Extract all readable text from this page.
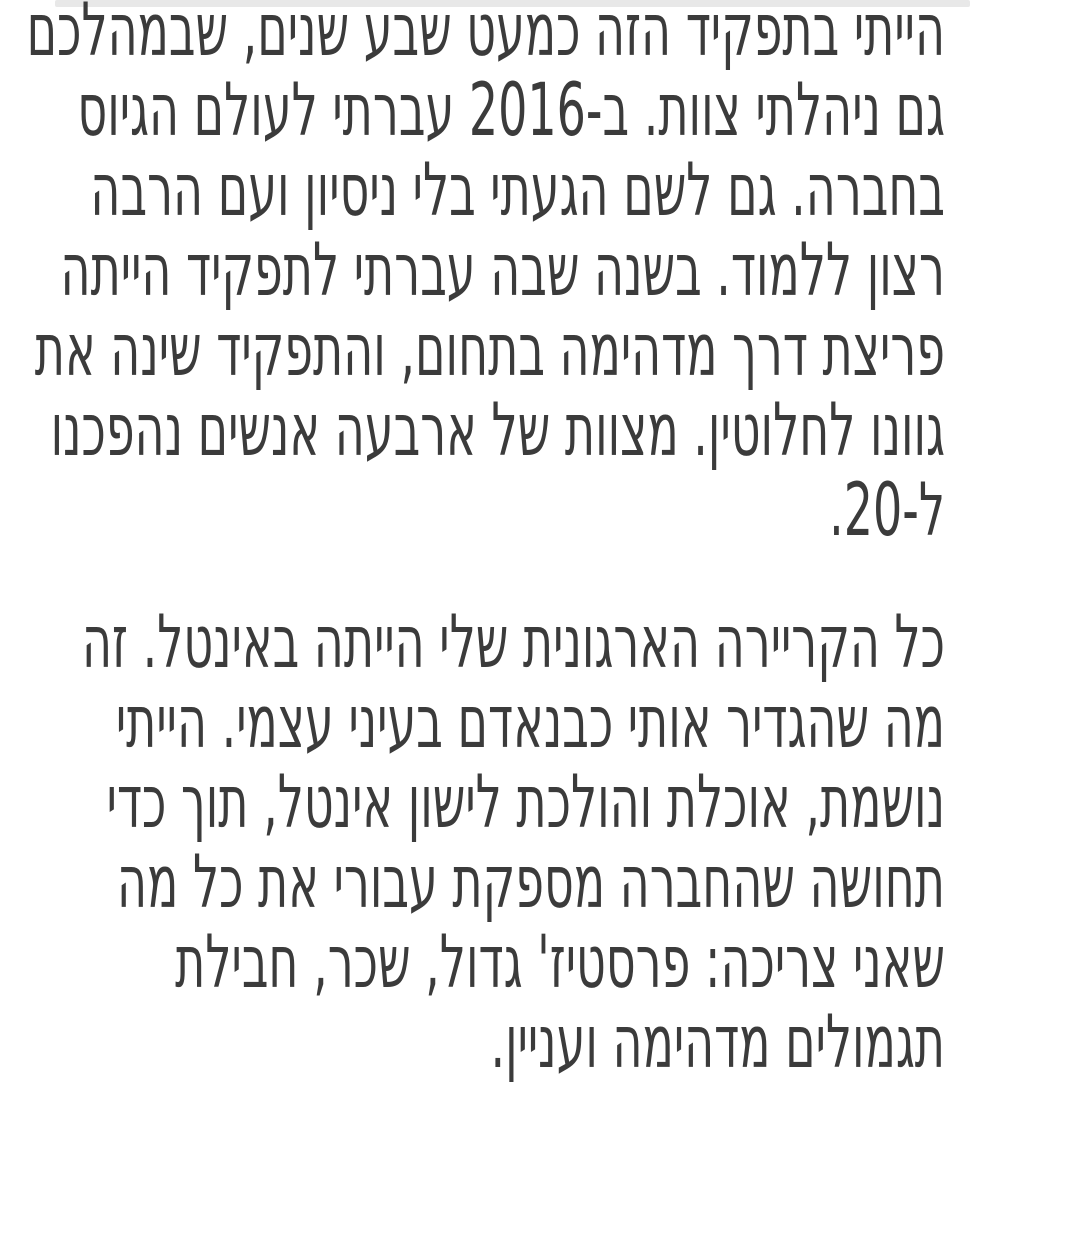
הייתי בתפקיד הזה כמעט שבע שנים, שבמהלכם
גם ניהלתי צוות. ב-2016 עברתי לעולם הגיוס
בחברה. גם לשם הגעתי בלי ניסיון ועם הרבה
רצון ללמוד. בשנה שבה עברתי לתפקיד הייתה
פריצת דרך מדהימה בתחום, והתפקיד שינה את
גוונו לחלוטין. מצוות של ארבעה אנשים נהפכנו
ל-20.
כל הקריירה הארגונית שלי הייתה באינטל. זה
מה שהגדיר אותי כבנאדם בעיני עצמי. הייתי
נושמת, אוכלת והולכת לישון אינטל, תוך כדי
תחושה שהחברה מספקת עבורי את כל מה
שאני צריכה: פרסטיז' גדול, שכר, חבילת
תגמולים מדהימה ועניין.
